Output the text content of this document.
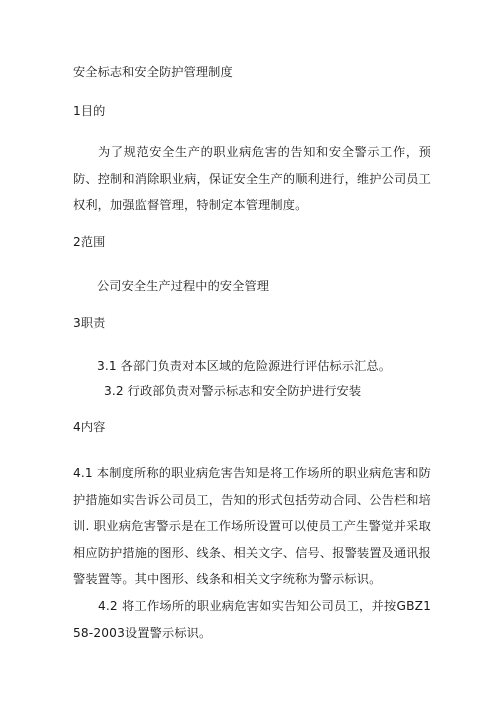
安全标志和安全防护管理制度
1目的
为了规范安全生产的职业病危害的告知和安全警示工作，预防、控制和消除职业病，保证安全生产的顺利进行，维护公司员工权利，加强监督管理，特制定本管理制度。
2范围
公司安全生产过程中的安全管理
3职责
3.1 各部门负责对本区域的危险源进行评估标示汇总。
3.2 行政部负责对警示标志和安全防护进行安装
4内容
4.1 本制度所称的职业病危害告知是将工作场所的职业病危害和防护措施如实告诉公司员工，告知的形式包括劳动合同、公告栏和培训. 职业病危害警示是在工作场所设置可以使员工产生警觉并采取相应防护措施的图形、线条、相关文字、信号、报警装置及通讯报警装置等。其中图形、线条和相关文字统称为警示标识。
4.2 将工作场所的职业病危害如实告知公司员工，并按GBZ158-2003设置警示标识。
